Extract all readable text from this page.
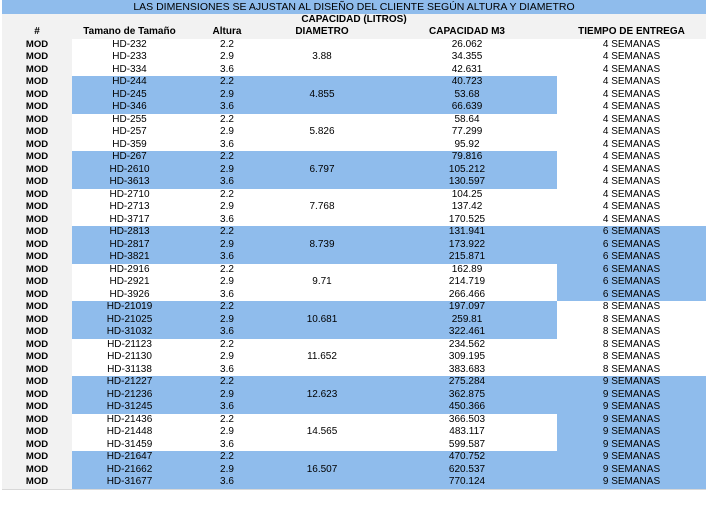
LAS DIMENSIONES SE AJUSTAN AL DISEÑO DEL CLIENTE SEGÚN ALTURA Y DIAMETRO
CAPACIDAD (LITROS)
#	Tamano de Tamaño	Altura	DIAMETRO	CAPACIDAD M3	TIEMPO DE ENTREGA
MOD	HD-232	2.2		26.062	4 SEMANAS
MOD	HD-233	2.9	3.88	34.355	4 SEMANAS
MOD	HD-334	3.6		42.631	4 SEMANAS
MOD	HD-244	2.2		40.723	4 SEMANAS
MOD	HD-245	2.9	4.855	53.68	4 SEMANAS
MOD	HD-346	3.6		66.639	4 SEMANAS
MOD	HD-255	2.2		58.64	4 SEMANAS
MOD	HD-257	2.9	5.826	77.299	4 SEMANAS
MOD	HD-359	3.6		95.92	4 SEMANAS
MOD	HD-267	2.2		79.816	4 SEMANAS
MOD	HD-2610	2.9	6.797	105.212	4 SEMANAS
MOD	HD-3613	3.6		130.597	4 SEMANAS
MOD	HD-2710	2.2		104.25	4 SEMANAS
MOD	HD-2713	2.9	7.768	137.42	4 SEMANAS
MOD	HD-3717	3.6		170.525	4 SEMANAS
MOD	HD-2813	2.2		131.941	6 SEMANAS
MOD	HD-2817	2.9	8.739	173.922	6 SEMANAS
MOD	HD-3821	3.6		215.871	6 SEMANAS
MOD	HD-2916	2.2		162.89	6 SEMANAS
MOD	HD-2921	2.9	9.71	214.719	6 SEMANAS
MOD	HD-3926	3.6		266.466	6 SEMANAS
MOD	HD-21019	2.2		197.097	8 SEMANAS
MOD	HD-21025	2.9	10.681	259.81	8 SEMANAS
MOD	HD-31032	3.6		322.461	8 SEMANAS
MOD	HD-21123	2.2		234.562	8 SEMANAS
MOD	HD-21130	2.9	11.652	309.195	8 SEMANAS
MOD	HD-31138	3.6		383.683	8 SEMANAS
MOD	HD-21227	2.2		275.284	9 SEMANAS
MOD	HD-21236	2.9	12.623	362.875	9 SEMANAS
MOD	HD-31245	3.6		450.366	9 SEMANAS
MOD	HD-21436	2.2		366.503	9 SEMANAS
MOD	HD-21448	2.9	14.565	483.117	9 SEMANAS
MOD	HD-31459	3.6		599.587	9 SEMANAS
MOD	HD-21647	2.2		470.752	9 SEMANAS
MOD	HD-21662	2.9	16.507	620.537	9 SEMANAS
MOD	HD-31677	3.6		770.124	9 SEMANAS
